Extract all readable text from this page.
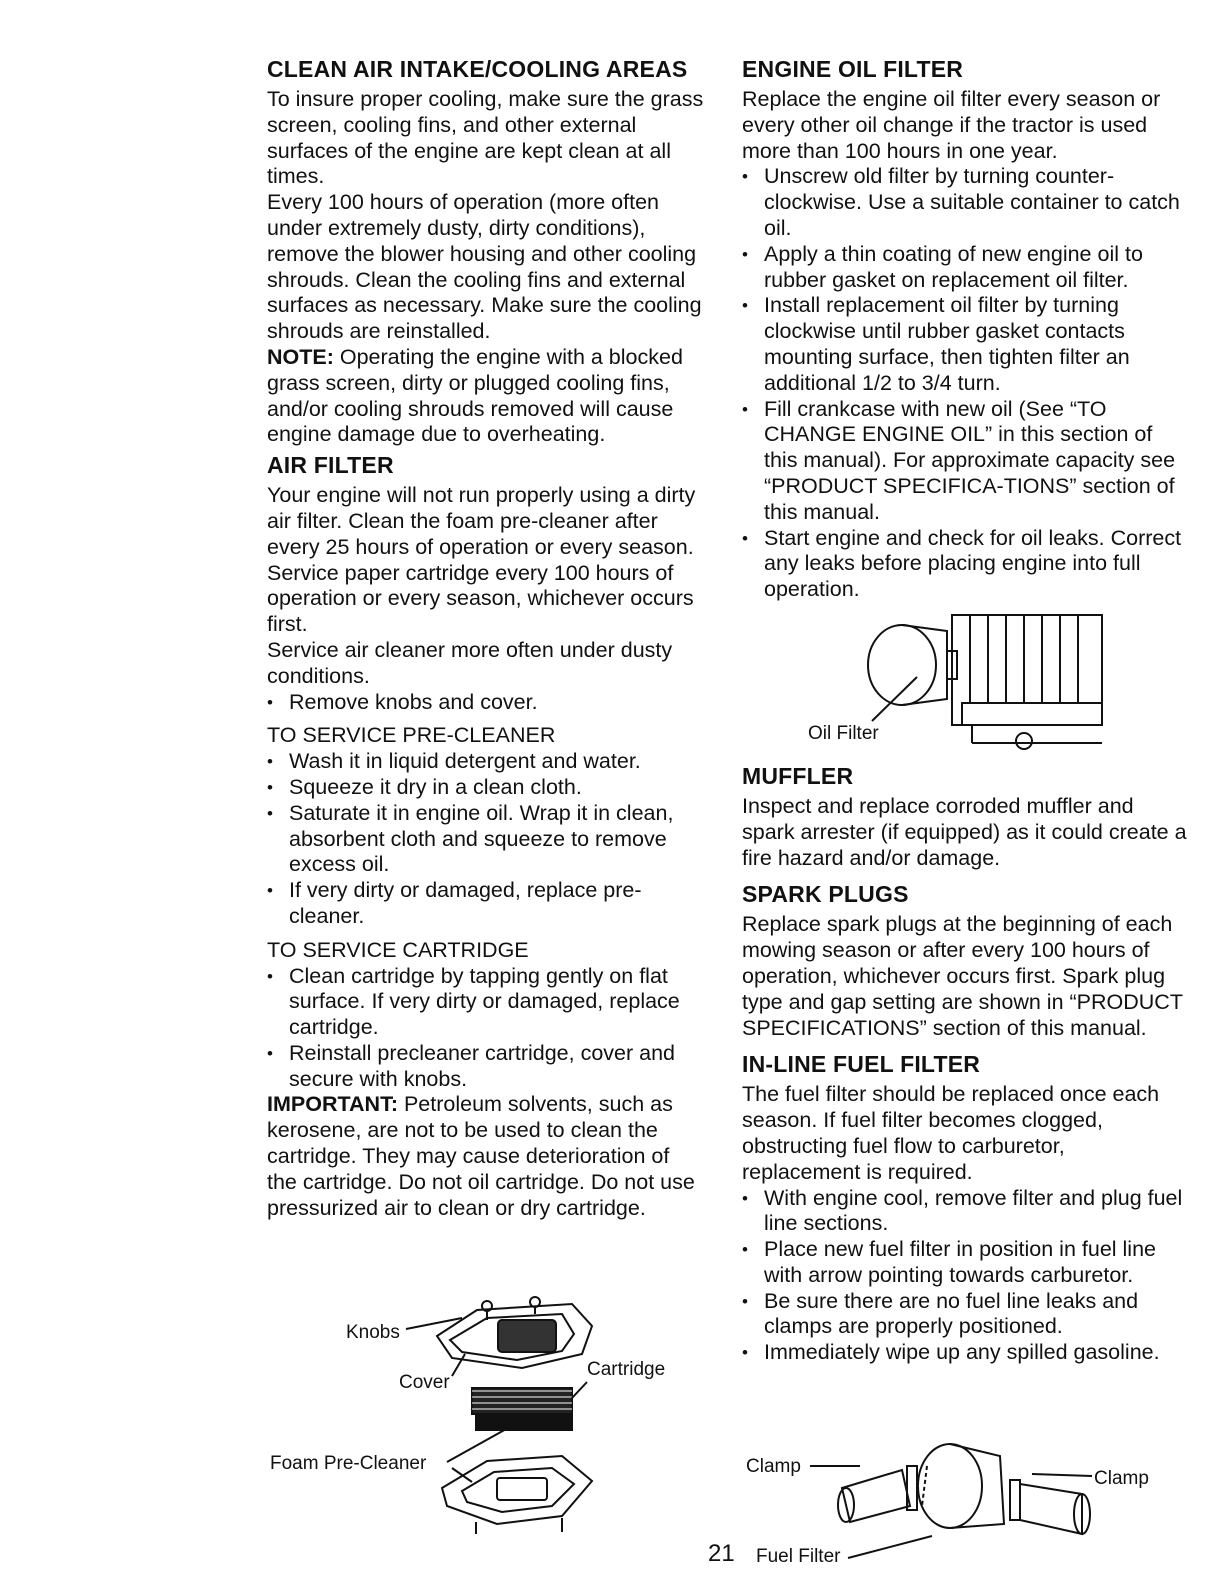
CLEAN AIR INTAKE/COOLING AREAS

To insure proper cooling, make sure the grass screen, cooling fins, and other external surfaces of the engine are kept clean at all times.

Every 100 hours of operation (more often under extremely dusty, dirty conditions), remove the blower housing and other cooling shrouds. Clean the cooling fins and external surfaces as necessary. Make sure the cooling shrouds are reinstalled.

NOTE: Operating the engine with a blocked grass screen, dirty or plugged cooling fins, and/or cooling shrouds removed will cause engine damage due to overheating.

AIR FILTER

Your engine will not run properly using a dirty air filter. Clean the foam pre-cleaner after every 25 hours of operation or every season. Service paper cartridge every 100 hours of operation or every season, whichever occurs first.

Service air cleaner more often under dusty conditions.

• Remove knobs and cover.

TO SERVICE PRE-CLEANER

• Wash it in liquid detergent and water.
• Squeeze it dry in a clean cloth.
• Saturate it in engine oil. Wrap it in clean, absorbent cloth and squeeze to remove excess oil.
• If very dirty or damaged, replace pre-cleaner.

TO SERVICE CARTRIDGE

• Clean cartridge by tapping gently on flat surface. If very dirty or damaged, replace cartridge.
• Reinstall precleaner cartridge, cover and secure with knobs.

IMPORTANT: Petroleum solvents, such as kerosene, are not to be used to clean the cartridge. They may cause deterioration of the cartridge. Do not oil cartridge. Do not use pressurized air to clean or dry cartridge.

Knobs
Cover
Cartridge
Foam Pre-Cleaner
ENGINE OIL FILTER

Replace the engine oil filter every season or every other oil change if the tractor is used more than 100 hours in one year.

• Unscrew old filter by turning counter-clockwise. Use a suitable container to catch oil.
• Apply a thin coating of new engine oil to rubber gasket on replacement oil filter.
• Install replacement oil filter by turning clockwise until rubber gasket contacts mounting surface, then tighten filter an additional 1/2 to 3/4 turn.
• Fill crankcase with new oil (See “TO CHANGE ENGINE OIL” in this section of this manual). For approximate capacity see “PRODUCT SPECIFICA-TIONS” section of this manual.
• Start engine and check for oil leaks. Correct any leaks before placing engine into full operation.
Oil Filter
MUFFLER

Inspect and replace corroded muffler and spark arrester (if equipped) as it could create a fire hazard and/or damage.

SPARK PLUGS

Replace spark plugs at the beginning of each mowing season or after every 100 hours of operation, whichever occurs first. Spark plug type and gap setting are shown in “PRODUCT SPECIFICATIONS” section of this manual.

IN-LINE FUEL FILTER

The fuel filter should be replaced once each season. If fuel filter becomes clogged, obstructing fuel flow to carburetor, replacement is required.

• With engine cool, remove filter and plug fuel line sections.
• Place new fuel filter in position in fuel line with arrow pointing towards carburetor.
• Be sure there are no fuel line leaks and clamps are properly positioned.
• Immediately wipe up any spilled gasoline.
Clamp
Clamp
Fuel Filter
21
